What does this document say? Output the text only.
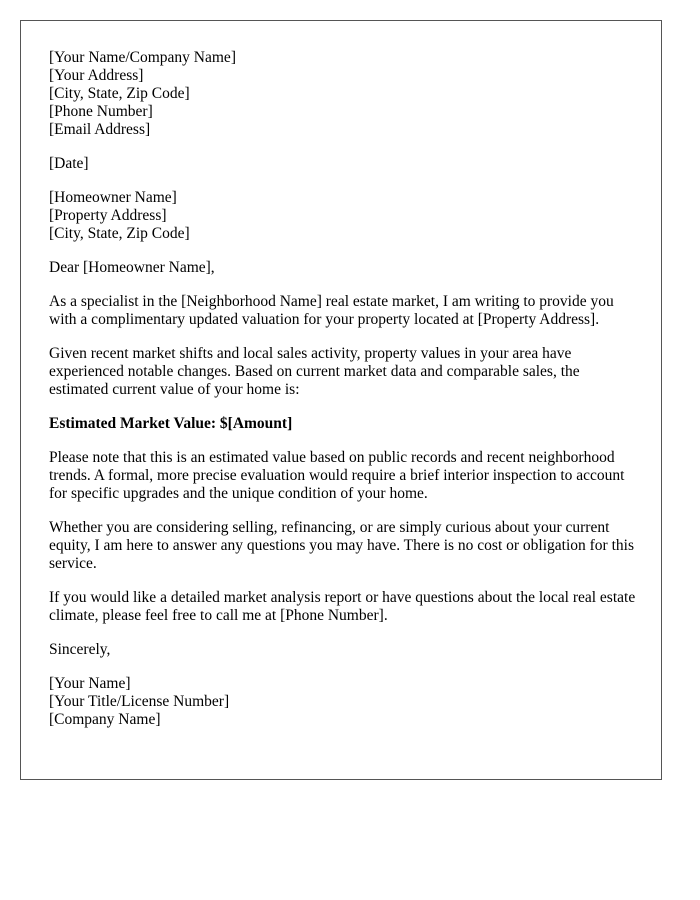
[Your Name/Company Name]

[Your Address]

[City, State, Zip Code]

[Phone Number]

[Email Address]

[Date]

[Homeowner Name]

[Property Address]

[City, State, Zip Code]

Dear [Homeowner Name],

As a specialist in the [Neighborhood Name] real estate market, I am writing to provide you with a complimentary updated valuation for your property located at [Property Address].

Given recent market shifts and local sales activity, property values in your area have experienced notable changes. Based on current market data and comparable sales, the estimated current value of your home is:

Estimated Market Value: $[Amount]

Please note that this is an estimated value based on public records and recent neighborhood trends. A formal, more precise evaluation would require a brief interior inspection to account for specific upgrades and the unique condition of your home.

Whether you are considering selling, refinancing, or are simply curious about your current equity, I am here to answer any questions you may have. There is no cost or obligation for this service.

If you would like a detailed market analysis report or have questions about the local real estate climate, please feel free to call me at [Phone Number].

Sincerely,

[Your Name]

[Your Title/License Number]

[Company Name]
